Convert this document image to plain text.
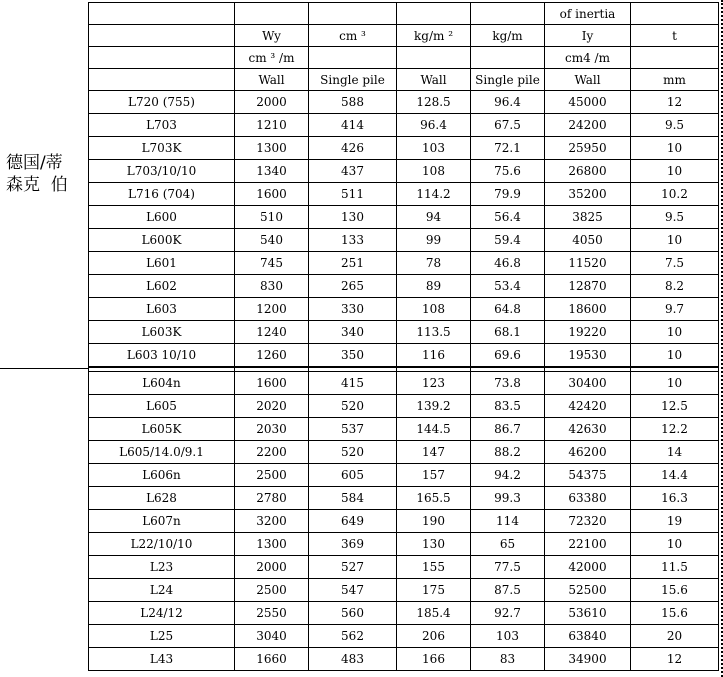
德国/蒂
森克  伯
					of inertia	
	Wy	cm ³	kg/m ²	kg/m	Iy	t
	cm ³ /m				cm4 /m	
	Wall	Single pile	Wall	Single pile	Wall	mm
L720 (755)	2000	588	128.5	96.4	45000	12
L703	1210	414	96.4	67.5	24200	9.5
L703K	1300	426	103	72.1	25950	10
L703/10/10	1340	437	108	75.6	26800	10
L716 (704)	1600	511	114.2	79.9	35200	10.2
L600	510	130	94	56.4	3825	9.5
L600K	540	133	99	59.4	4050	10
L601	745	251	78	46.8	11520	7.5
L602	830	265	89	53.4	12870	8.2
L603	1200	330	108	64.8	18600	9.7
L603K	1240	340	113.5	68.1	19220	10
L603 10/10	1260	350	116	69.6	19530	10

L604n	1600	415	123	73.8	30400	10
L605	2020	520	139.2	83.5	42420	12.5
L605K	2030	537	144.5	86.7	42630	12.2
L605/14.0/9.1	2200	520	147	88.2	46200	14
L606n	2500	605	157	94.2	54375	14.4
L628	2780	584	165.5	99.3	63380	16.3
L607n	3200	649	190	114	72320	19
L22/10/10	1300	369	130	65	22100	10
L23	2000	527	155	77.5	42000	11.5
L24	2500	547	175	87.5	52500	15.6
L24/12	2550	560	185.4	92.7	53610	15.6
L25	3040	562	206	103	63840	20
L43	1660	483	166	83	34900	12
